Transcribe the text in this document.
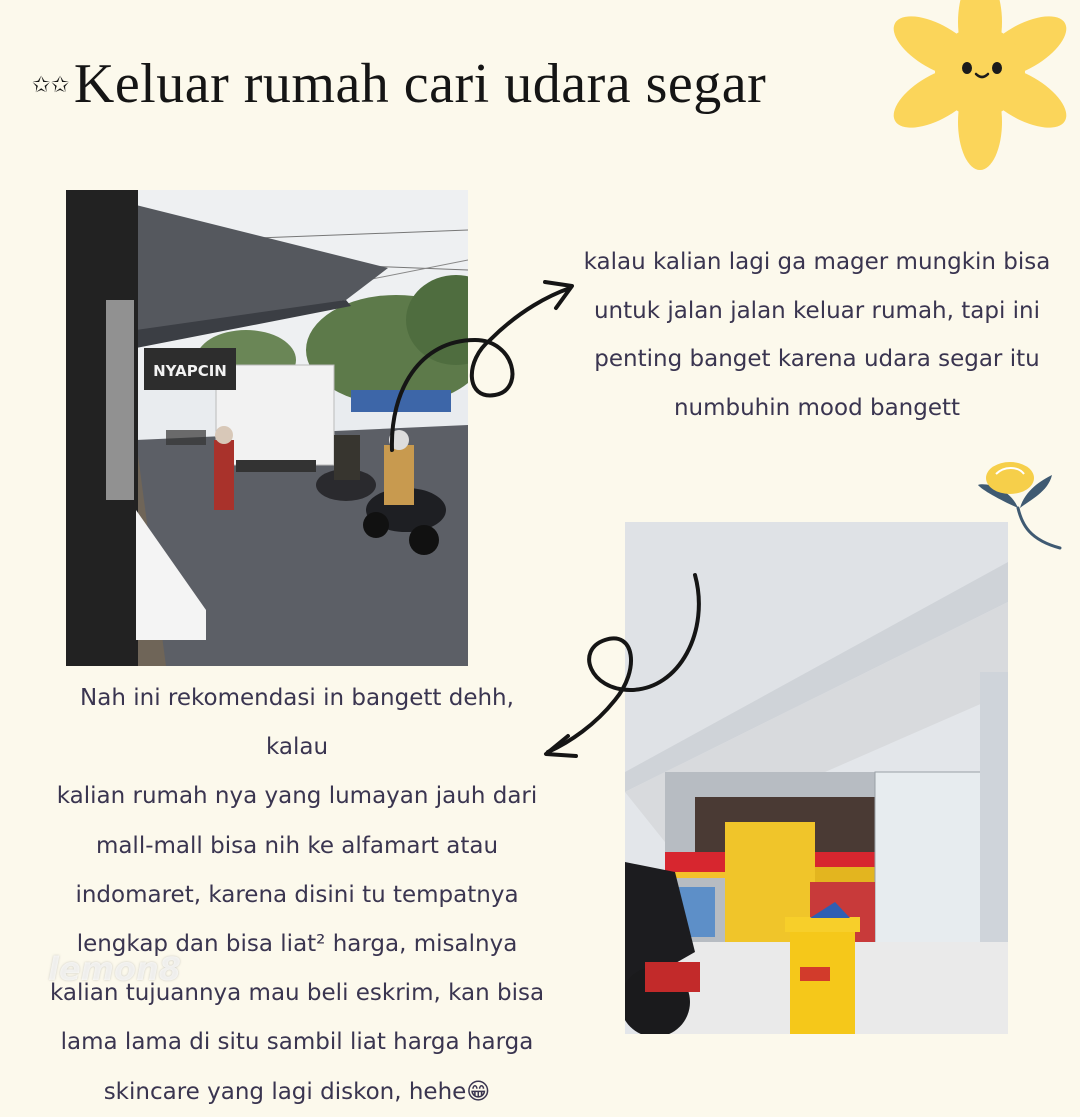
✩✩Keluar rumah cari udara segar
NYAPCIN
kalau kalian lagi ga mager mungkin bisa
untuk jalan jalan keluar rumah, tapi ini
penting banget karena udara segar itu
numbuhin mood bangett
Nah ini rekomendasi in bangett dehh, kalau
kalian rumah nya yang lumayan jauh dari
mall-mall bisa nih ke alfamart atau
indomaret, karena disini tu tempatnya
lengkap dan bisa liat² harga, misalnya
kalian tujuannya mau beli eskrim, kan bisa
lama lama di situ sambil liat harga harga
skincare yang lagi diskon, hehe😁
lemon8
